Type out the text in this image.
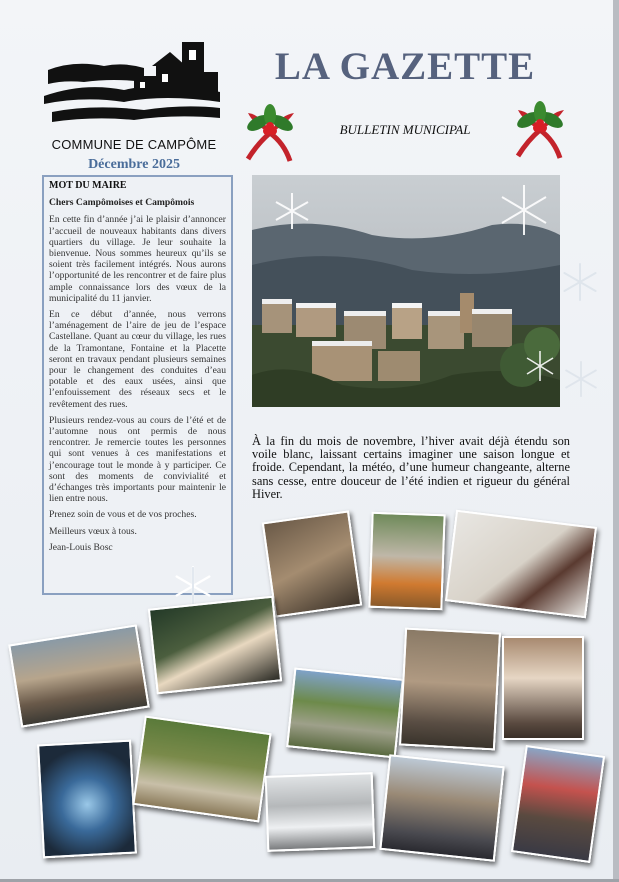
COMMUNE DE CAMPÔME
Décembre 2025
LA GAZETTE
BULLETIN MUNICIPAL
MOT DU MAIRE

Chers Campômoises et Campômois

En cette fin d’année j’ai le plaisir d’annoncer l’accueil de nouveaux habitants dans divers quartiers du village. Je leur souhaite la bienvenue. Nous sommes heureux qu’ils se soient très facilement intégrés. Nous aurons l’opportunité de les rencontrer et de faire plus ample connaissance lors des vœux de la municipalité du 11 janvier.

En ce début d’année, nous verrons l’aménagement de l’aire de jeu de l’espace Castellane. Quant au cœur du village, les rues de la Tramontane, Fontaine et la Placette seront en travaux pendant plusieurs semaines pour le changement des conduites d’eau potable et des eaux usées, ainsi que l’enfouissement des réseaux secs et le revêtement des rues.

Plusieurs rendez-vous au cours de l’été et de l’automne nous ont permis de nous rencontrer. Je remercie toutes les personnes qui sont venues à ces manifestations et j’encourage tout le monde à y participer. Ce sont des moments de convivialité et d’échanges très importants pour maintenir le lien entre nous.

Prenez soin de vous et de vos proches.

Meilleurs vœux à tous.

Jean-Louis Bosc

À la fin du mois de novembre, l’hiver avait déjà étendu son voile blanc, laissant certains imaginer une saison longue et froide. Cependant, la météo, d’une humeur changeante, alterne sans cesse, entre douceur de l’été indien et rigueur du général Hiver.
